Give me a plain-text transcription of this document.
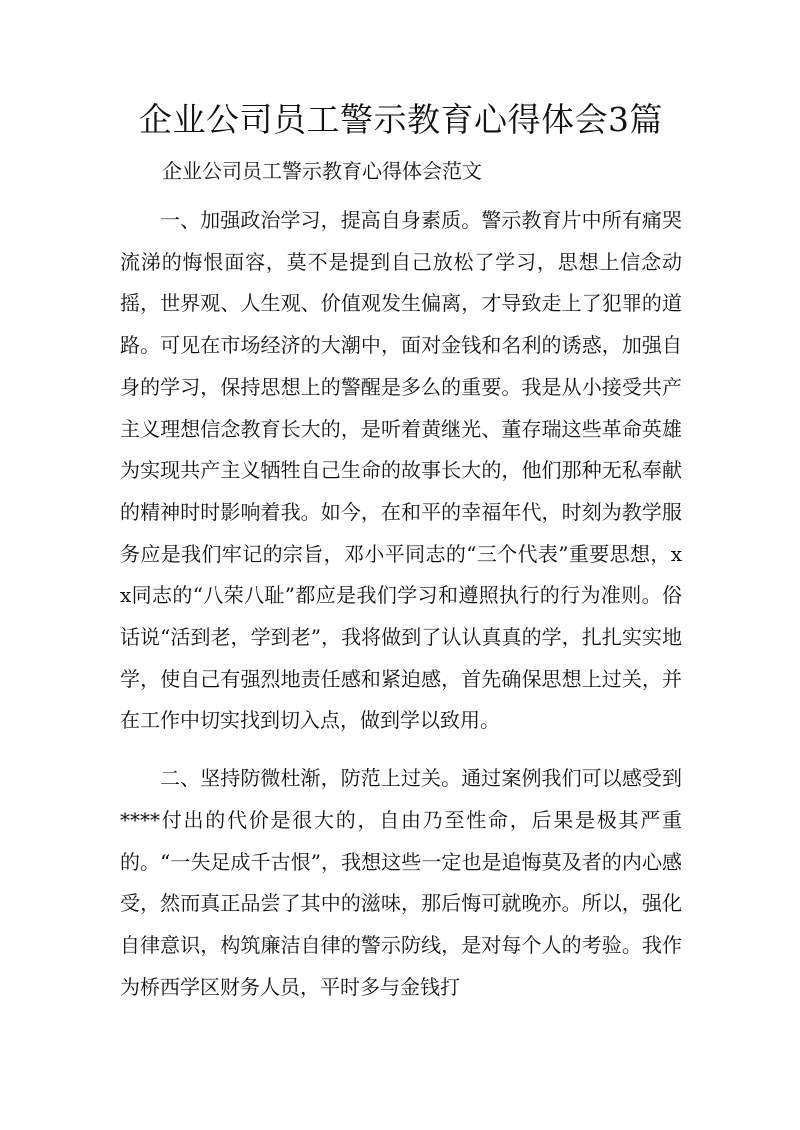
企业公司员工警示教育心得体会3篇

企业公司员工警示教育心得体会范文

一、加强政治学习，提高自身素质。警示教育片中所有痛哭流涕的悔恨面容，莫不是提到自己放松了学习，思想上信念动摇，世界观、人生观、价值观发生偏离，才导致走上了犯罪的道路。可见在市场经济的大潮中，面对金钱和名利的诱惑，加强自身的学习，保持思想上的警醒是多么的重要。我是从小接受共产主义理想信念教育长大的，是听着黄继光、董存瑞这些革命英雄为实现共产主义牺牲自己生命的故事长大的，他们那种无私奉献的精神时时影响着我。如今，在和平的幸福年代，时刻为教学服务应是我们牢记的宗旨，邓小平同志的“三个代表”重要思想，xx同志的“八荣八耻”都应是我们学习和遵照执行的行为准则。俗话说“活到老，学到老”，我将做到了认认真真的学，扎扎实实地学，使自己有强烈地责任感和紧迫感，首先确保思想上过关，并在工作中切实找到切入点，做到学以致用。

二、坚持防微杜渐，防范上过关。通过案例我们可以感受到****付出的代价是很大的，自由乃至性命，后果是极其严重的。“一失足成千古恨”，我想这些一定也是追悔莫及者的内心感受，然而真正品尝了其中的滋味，那后悔可就晚亦。所以，强化自律意识，构筑廉洁自律的警示防线，是对每个人的考验。我作为桥西学区财务人员，平时多与金钱打
